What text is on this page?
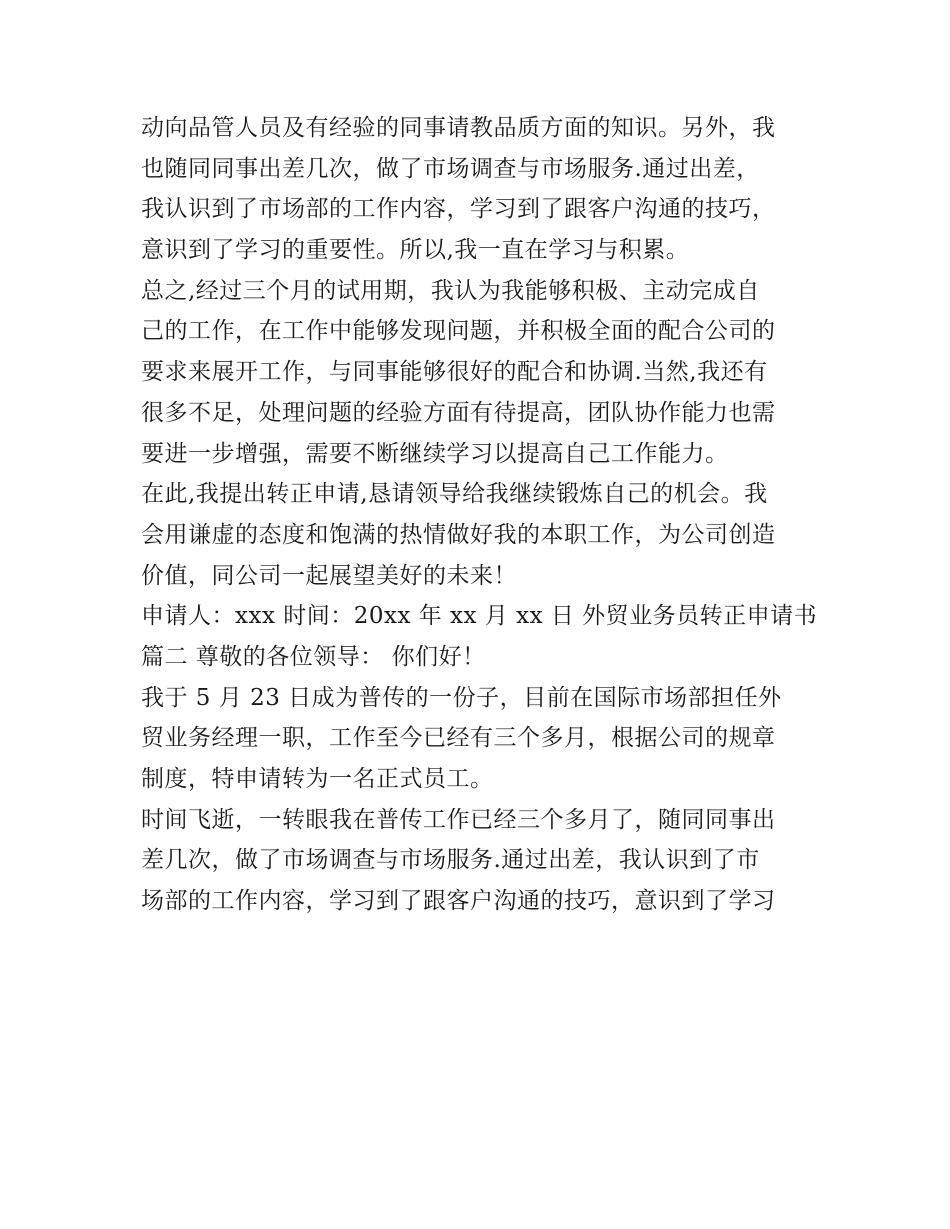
动向品管人员及有经验的同事请教品质方面的知识。另外，我
也随同同事出差几次，做了市场调查与市场服务.通过出差，
我认识到了市场部的工作内容，学习到了跟客户沟通的技巧，
意识到了学习的重要性。所以,我一直在学习与积累。
总之,经过三个月的试用期，我认为我能够积极、主动完成自
己的工作，在工作中能够发现问题，并积极全面的配合公司的
要求来展开工作，与同事能够很好的配合和协调.当然,我还有
很多不足，处理问题的经验方面有待提高，团队协作能力也需
要进一步增强，需要不断继续学习以提高自己工作能力。
在此,我提出转正申请,恳请领导给我继续锻炼自己的机会。我
会用谦虚的态度和饱满的热情做好我的本职工作，为公司创造
价值，同公司一起展望美好的未来！
申请人：xxx 时间：20xx 年 xx 月 xx 日 外贸业务员转正申请书
篇二 尊敬的各位领导： 你们好！
我于 5 月 23 日成为普传的一份子，目前在国际市场部担任外
贸业务经理一职，工作至今已经有三个多月，根据公司的规章
制度，特申请转为一名正式员工。
时间飞逝，一转眼我在普传工作已经三个多月了，随同同事出
差几次，做了市场调查与市场服务.通过出差，我认识到了市
场部的工作内容，学习到了跟客户沟通的技巧，意识到了学习
